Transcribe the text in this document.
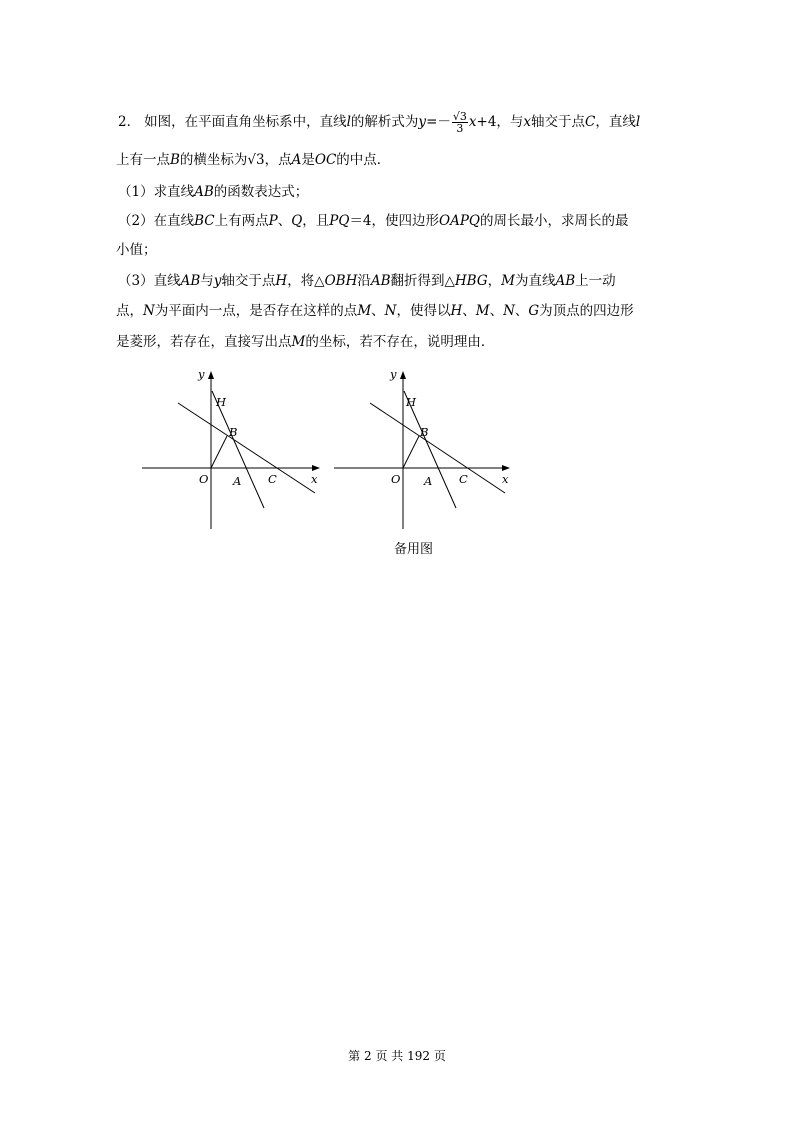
2． 如图，在平面直角坐标系中，直线l的解析式为$y=- \frac{√3}{3} x+4$，与x轴交于点C，直线l
上有一点B的横坐标为√3，点A是OC的中点．
（1）求直线AB的函数表达式；
（2）在直线BC上有两点P、Q，且PQ＝4，使四边形OAPQ的周长最小，求周长的最
小值；
（3）直线AB与y轴交于点H，将△OBH沿AB翻折得到△HBG，M为直线AB上一动
点，N为平面内一点，是否存在这样的点M、N，使得以H、M、N、G为顶点的四边形
是菱形，若存在，直接写出点M的坐标，若不存在，说明理由．
y
H
B
O A C	x
y
H
B
O A C	x
备用图
第 2 页 共 192 页
